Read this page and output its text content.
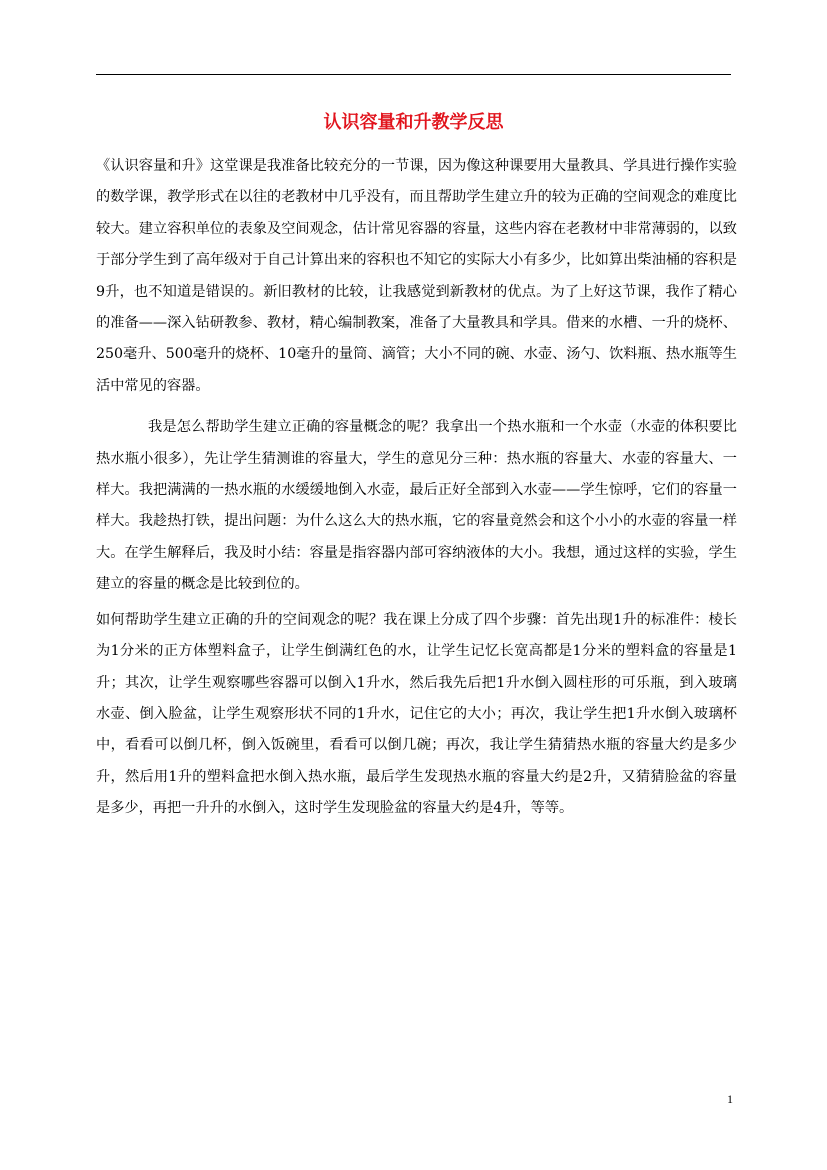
认识容量和升教学反思

《认识容量和升》这堂课是我准备比较充分的一节课，因为像这种课要用大量教具、学具进行操作实验的数学课，教学形式在以往的老教材中几乎没有，而且帮助学生建立升的较为正确的空间观念的难度比较大。建立容积单位的表象及空间观念，估计常见容器的容量，这些内容在老教材中非常薄弱的，以致于部分学生到了高年级对于自己计算出来的容积也不知它的实际大小有多少，比如算出柴油桶的容积是9升，也不知道是错误的。新旧教材的比较，让我感觉到新教材的优点。为了上好这节课，我作了精心的准备——深入钻研教参、教材，精心编制教案，准备了大量教具和学具。借来的水槽、一升的烧杯、250毫升、500毫升的烧杯、10毫升的量筒、滴管；大小不同的碗、水壶、汤勺、饮料瓶、热水瓶等生活中常见的容器。

我是怎么帮助学生建立正确的容量概念的呢？我拿出一个热水瓶和一个水壶（水壶的体积要比热水瓶小很多），先让学生猜测谁的容量大，学生的意见分三种：热水瓶的容量大、水壶的容量大、一样大。我把满满的一热水瓶的水缓缓地倒入水壶，最后正好全部到入水壶——学生惊呼，它们的容量一样大。我趁热打铁，提出问题：为什么这么大的热水瓶，它的容量竟然会和这个小小的水壶的容量一样大。在学生解释后，我及时小结：容量是指容器内部可容纳液体的大小。我想，通过这样的实验，学生建立的容量的概念是比较到位的。

如何帮助学生建立正确的升的空间观念的呢？我在课上分成了四个步骤：首先出现1升的标准件：棱长为1分米的正方体塑料盒子，让学生倒满红色的水，让学生记忆长宽高都是1分米的塑料盒的容量是1升；其次，让学生观察哪些容器可以倒入1升水，然后我先后把1升水倒入圆柱形的可乐瓶，到入玻璃水壶、倒入脸盆，让学生观察形状不同的1升水，记住它的大小；再次，我让学生把1升水倒入玻璃杯中，看看可以倒几杯，倒入饭碗里，看看可以倒几碗；再次，我让学生猜猜热水瓶的容量大约是多少升，然后用1升的塑料盒把水倒入热水瓶，最后学生发现热水瓶的容量大约是2升，又猜猜脸盆的容量是多少，再把一升升的水倒入，这时学生发现脸盆的容量大约是4升，等等。

1
